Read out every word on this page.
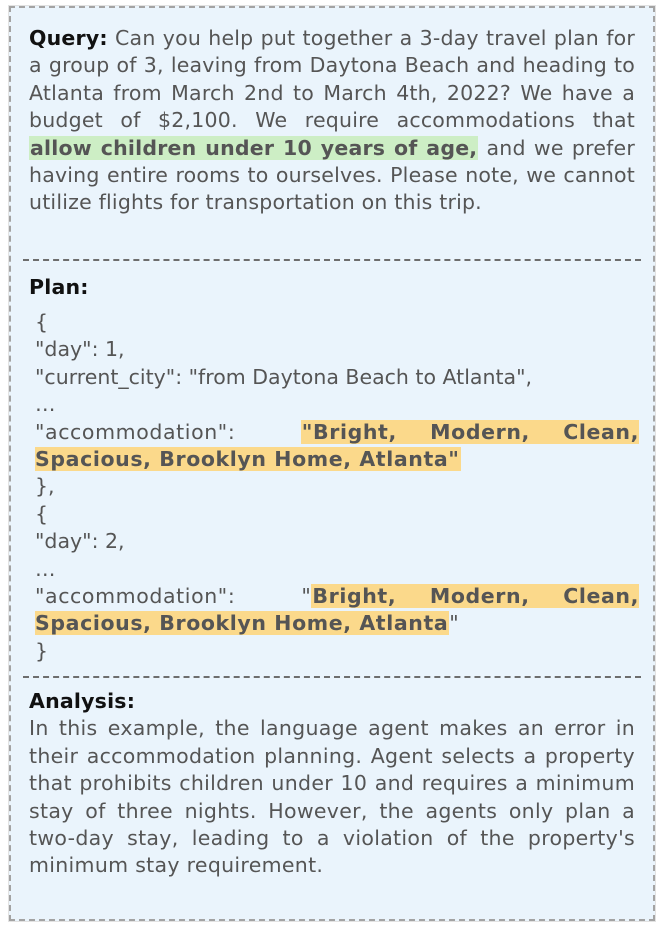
Query: Can you help put together a 3-day travel plan for a group of 3, leaving from Daytona Beach and heading to Atlanta from March 2nd to March 4th, 2022? We have a budget of $2,100. We require accommodations that allow children under 10 years of age, and we prefer having entire rooms to ourselves. Please note, we cannot utilize flights for transportation on this trip.
Plan:
{
"day": 1,
"current_city": "from Daytona Beach to Atlanta",
…
"accommodation":	"Bright, Modern, Clean, Spacious, Brooklyn Home, Atlanta"
},
{
"day": 2,
…
"accommodation":	"Bright, Modern, Clean, Spacious, Brooklyn Home, Atlanta"
}
Analysis:
In this example, the language agent makes an error in their accommodation planning. Agent selects a property that prohibits children under 10 and requires a minimum stay of three nights. However, the agents only plan a two-day stay, leading to a violation of the property's minimum stay requirement.
